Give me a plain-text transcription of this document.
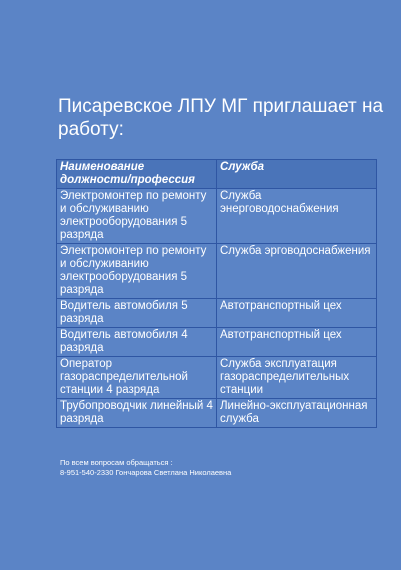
Писаревское ЛПУ МГ приглашает на работу:
Наименование должности/профессия	Служба
Электромонтер по ремонту и обслуживанию электрооборудования 5 разряда	Служба энерговодоснабжения
Электромонтер по ремонту и обслуживанию электрооборудования 5 разряда	Служба эрговодоснабжения
Водитель автомобиля 5 разряда	Автотранспортный цех
Водитель автомобиля 4 разряда	Автотранспортный цех
Оператор газораспределительной станции 4 разряда	Служба эксплуатация газораспределительных станции
Трубопроводчик линейный 4 разряда	Линейно-эксплуатационная служба
По всем вопросам обращаться :
8-951-540-2330 Гончарова Светлана Николаевна
